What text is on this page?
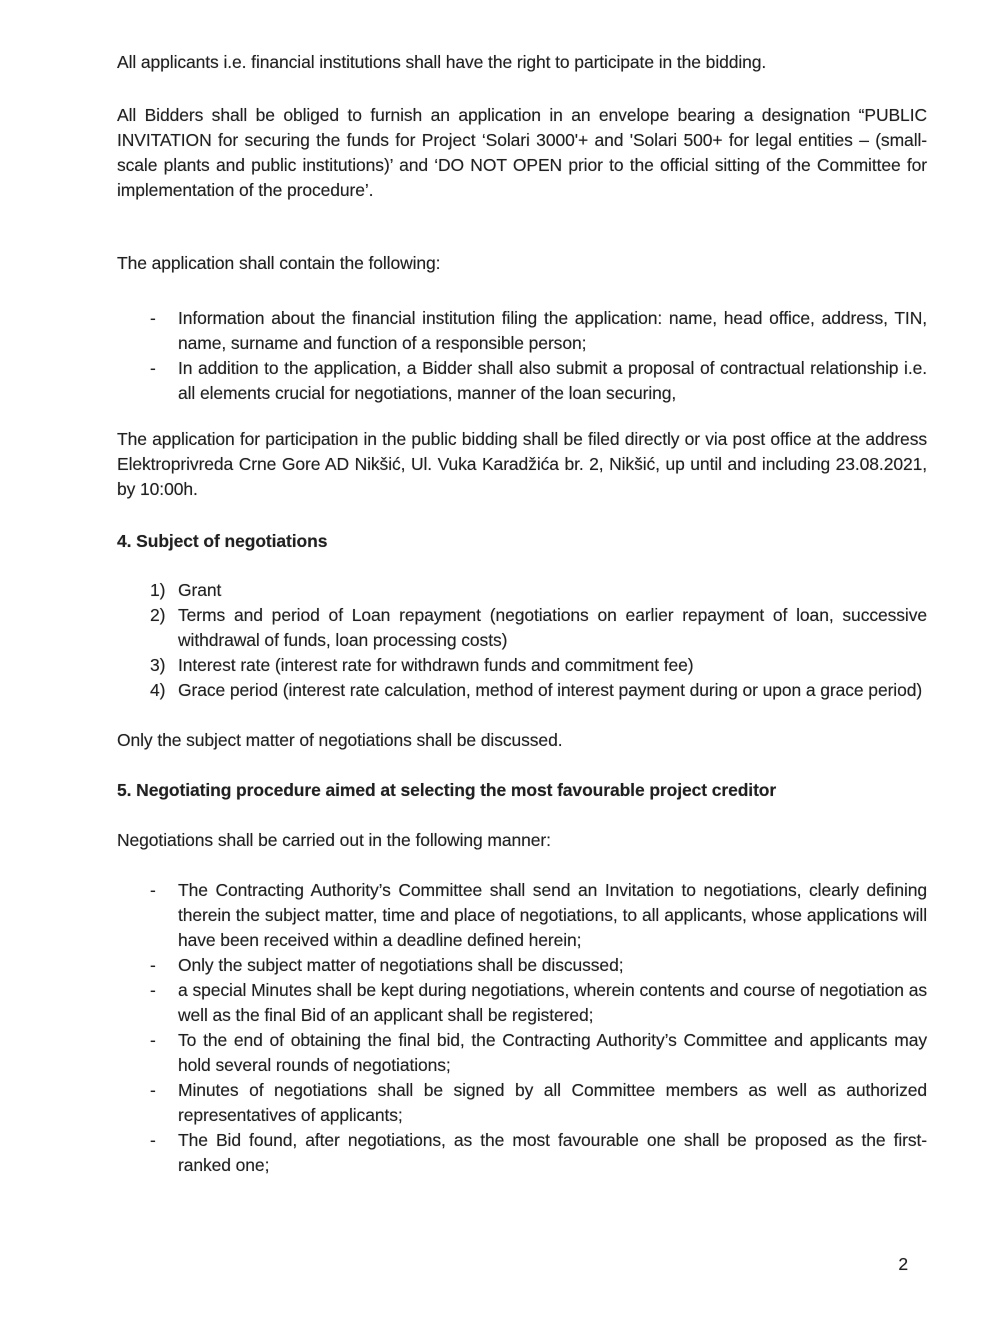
All applicants i.e. financial institutions shall have the right to participate in the bidding.

All Bidders shall be obliged to furnish an application in an envelope bearing a designation “PUBLIC INVITATION for securing the funds for Project ‘Solari 3000'+ and 'Solari 500+ for legal entities – (small-scale plants and public institutions)’ and ‘DO NOT OPEN prior to the official sitting of the Committee for implementation of the procedure’.

The application shall contain the following:

-	Information about the financial institution filing the application: name, head office, address, TIN, name, surname and function of a responsible person;
-	In addition to the application, a Bidder shall also submit a proposal of contractual relationship i.e. all elements crucial for negotiations, manner of the loan securing,

The application for participation in the public bidding shall be filed directly or via post office at the address Elektroprivreda Crne Gore AD Nikšić, Ul. Vuka Karadžića br. 2, Nikšić, up until and including 23.08.2021, by 10:00h.

4. Subject of negotiations
1) Grant
2) Terms and period of Loan repayment (negotiations on earlier repayment of loan, successive withdrawal of funds, loan processing costs)
3) Interest rate (interest rate for withdrawn funds and commitment fee)
4) Grace period (interest rate calculation, method of interest payment during or upon a grace period)

Only the subject matter of negotiations shall be discussed.

5. Negotiating procedure aimed at selecting the most favourable project creditor

Negotiations shall be carried out in the following manner:

-	The Contracting Authority’s Committee shall send an Invitation to negotiations, clearly defining therein the subject matter, time and place of negotiations, to all applicants, whose applications will have been received within a deadline defined herein;
-	Only the subject matter of negotiations shall be discussed;
-	a special Minutes shall be kept during negotiations, wherein contents and course of negotiation as well as the final Bid of an applicant shall be registered;
-	To the end of obtaining the final bid, the Contracting Authority’s Committee and applicants may hold several rounds of negotiations;
-	Minutes of negotiations shall be signed by all Committee members as well as authorized representatives of applicants;
-	The Bid found, after negotiations, as the most favourable one shall be proposed as the first-ranked one;
2
